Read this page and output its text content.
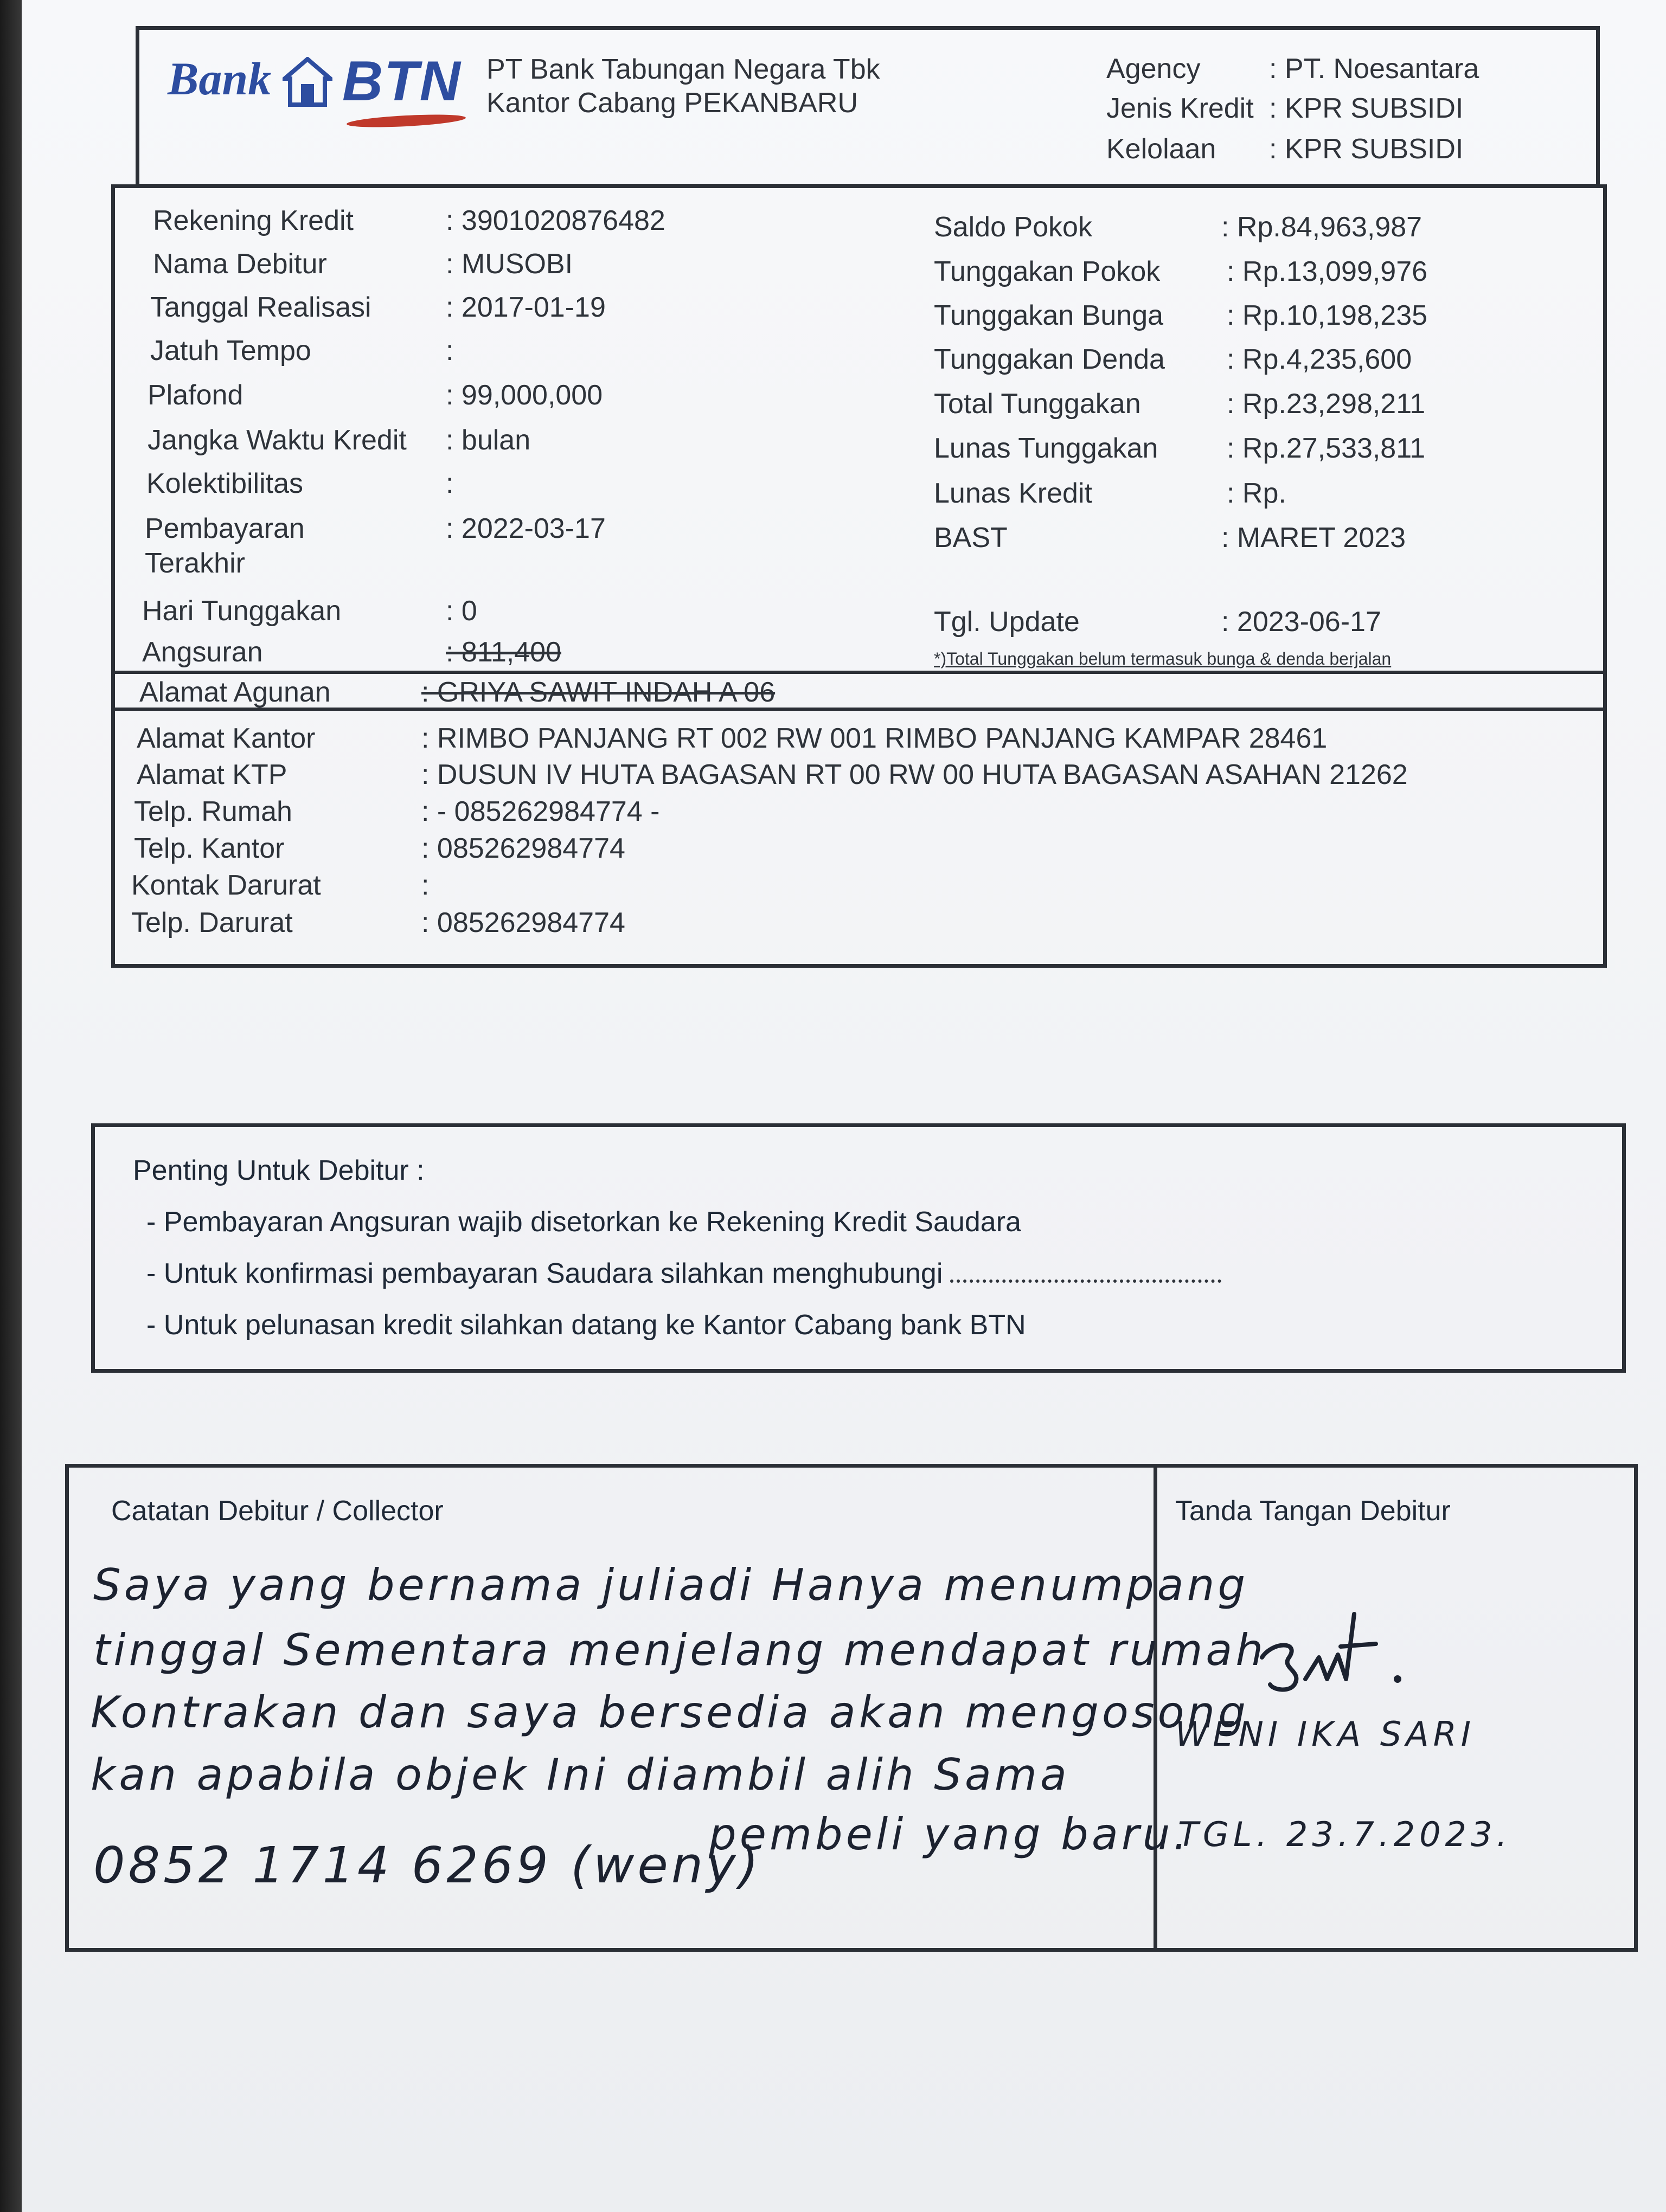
Bank BTN PT Bank Tabungan Negara Tbk
Kantor Cabang PEKANBARU
Agency : PT. Noesantara
Jenis Kredit : KPR SUBSIDI
Kelolaan : KPR SUBSIDI
Rekening Kredit	: 3901020876482
Nama Debitur	: MUSOBI
Tanggal Realisasi	: 2017-01-19
Jatuh Tempo	:
Plafond	: 99,000,000
Jangka Waktu Kredit : bulan
Kolektibilitas	:
Pembayaran	: 2022-03-17
Terakhir
Hari Tunggakan	: 0
Angsuran	: 811,400
Saldo Pokok	: Rp.84,963,987
Tunggakan Pokok : Rp.13,099,976
Tunggakan Bunga : Rp.10,198,235
Tunggakan Denda : Rp.4,235,600
Total Tunggakan	: Rp.23,298,211
Lunas Tunggakan : Rp.27,533,811
Lunas Kredit	: Rp.
BAST	: MARET 2023
Tgl. Update	: 2023-06-17
*)Total Tunggakan belum termasuk bunga & denda berjalan
Alamat Agunan	: GRIYA SAWIT INDAH A 06
Alamat Kantor	: RIMBO PANJANG RT 002 RW 001 RIMBO PANJANG KAMPAR 28461
Alamat KTP	: DUSUN IV HUTA BAGASAN RT 00 RW 00 HUTA BAGASAN ASAHAN 21262
Telp. Rumah	: - 085262984774 -
Telp. Kantor	: 085262984774
Kontak Darurat	:
Telp. Darurat	: 085262984774
Penting Untuk Debitur :
- Pembayaran Angsuran wajib disetorkan ke Rekening Kredit Saudara
- Untuk konfirmasi pembayaran Saudara silahkan menghubungi
- Untuk pelunasan kredit silahkan datang ke Kantor Cabang bank BTN
Catatan Debitur / Collector	Tanda Tangan Debitur
Saya yang bernama juliadi Hanya menumpang
tinggal Sementara menjelang mendapat rumah
Kontrakan dan saya bersedia akan mengosong
kan apabila objek Ini diambil alih Sama
pembeli yang baru.
0852 1714 6269 (weny)
WENI IKA SARI
TGL. 23.7.2023.
